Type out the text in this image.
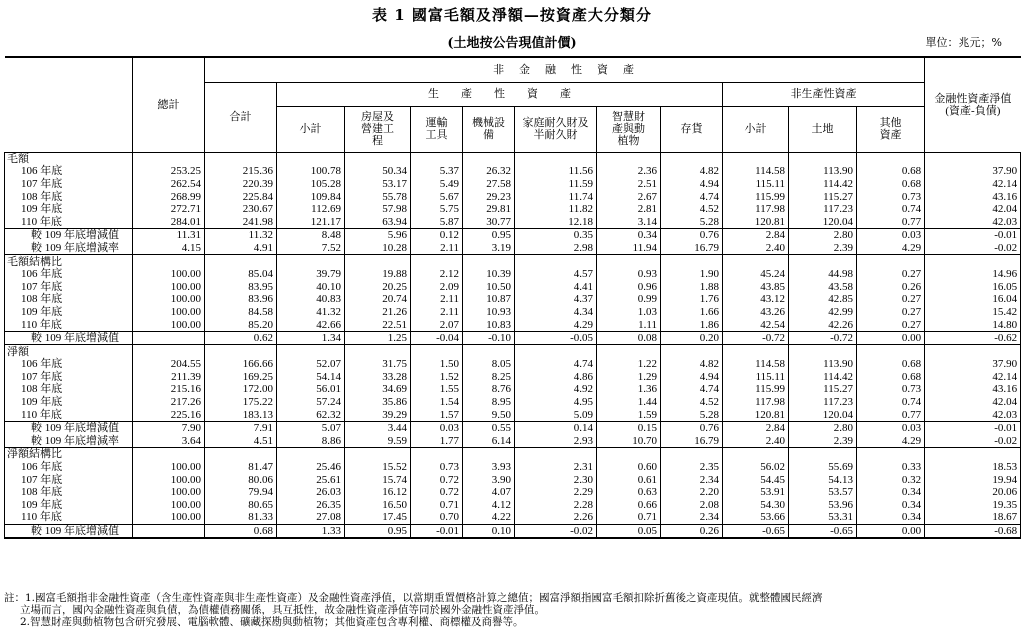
表 1 國富毛額及淨額—按資產大分類分
(土地按公告現值計價)	單位：兆元；%
	總計	非　金　融　性　資　產											金融性資產淨值(資產-負債)
		合計	生　　產　　性　　資　　產							非生產性資產			
			小計	房屋及營建工程	運輸工具	機械設備	家庭耐久財及半耐久財	智慧財產與動植物	存貨	小計	土地	其他資產	
毛額													
106 年底	253.25	215.36	100.78	50.34	5.37	26.32	11.56	2.36	4.82	114.58	113.90	0.68	37.90
107 年底	262.54	220.39	105.28	53.17	5.49	27.58	11.59	2.51	4.94	115.11	114.42	0.68	42.14
108 年底	268.99	225.84	109.84	55.78	5.67	29.23	11.74	2.67	4.74	115.99	115.27	0.73	43.16
109 年底	272.71	230.67	112.69	57.98	5.75	29.81	11.82	2.81	4.52	117.98	117.23	0.74	42.04
110 年底	284.01	241.98	121.17	63.94	5.87	30.77	12.18	3.14	5.28	120.81	120.04	0.77	42.03
較 109 年底增減值	11.31	11.32	8.48	5.96	0.12	0.95	0.35	0.34	0.76	2.84	2.80	0.03	-0.01
較 109 年底增減率	4.15	4.91	7.52	10.28	2.11	3.19	2.98	11.94	16.79	2.40	2.39	4.29	-0.02
毛額結構比													
106 年底	100.00	85.04	39.79	19.88	2.12	10.39	4.57	0.93	1.90	45.24	44.98	0.27	14.96
107 年底	100.00	83.95	40.10	20.25	2.09	10.50	4.41	0.96	1.88	43.85	43.58	0.26	16.05
108 年底	100.00	83.96	40.83	20.74	2.11	10.87	4.37	0.99	1.76	43.12	42.85	0.27	16.04
109 年底	100.00	84.58	41.32	21.26	2.11	10.93	4.34	1.03	1.66	43.26	42.99	0.27	15.42
110 年底	100.00	85.20	42.66	22.51	2.07	10.83	4.29	1.11	1.86	42.54	42.26	0.27	14.80
較 109 年底增減值		0.62	1.34	1.25	-0.04	-0.10	-0.05	0.08	0.20	-0.72	-0.72	0.00	-0.62
淨額													
106 年底	204.55	166.66	52.07	31.75	1.50	8.05	4.74	1.22	4.82	114.58	113.90	0.68	37.90
107 年底	211.39	169.25	54.14	33.28	1.52	8.25	4.86	1.29	4.94	115.11	114.42	0.68	42.14
108 年底	215.16	172.00	56.01	34.69	1.55	8.76	4.92	1.36	4.74	115.99	115.27	0.73	43.16
109 年底	217.26	175.22	57.24	35.86	1.54	8.95	4.95	1.44	4.52	117.98	117.23	0.74	42.04
110 年底	225.16	183.13	62.32	39.29	1.57	9.50	5.09	1.59	5.28	120.81	120.04	0.77	42.03
較 109 年底增減值	7.90	7.91	5.07	3.44	0.03	0.55	0.14	0.15	0.76	2.84	2.80	0.03	-0.01
較 109 年底增減率	3.64	4.51	8.86	9.59	1.77	6.14	2.93	10.70	16.79	2.40	2.39	4.29	-0.02
淨額結構比													
106 年底	100.00	81.47	25.46	15.52	0.73	3.93	2.31	0.60	2.35	56.02	55.69	0.33	18.53
107 年底	100.00	80.06	25.61	15.74	0.72	3.90	2.30	0.61	2.34	54.45	54.13	0.32	19.94
108 年底	100.00	79.94	26.03	16.12	0.72	4.07	2.29	0.63	2.20	53.91	53.57	0.34	20.06
109 年底	100.00	80.65	26.35	16.50	0.71	4.12	2.28	0.66	2.08	54.30	53.96	0.34	19.35
110 年底	100.00	81.33	27.08	17.45	0.70	4.22	2.26	0.71	2.34	53.66	53.31	0.34	18.67
較 109 年底增減值		0.68	1.33	0.95	-0.01	0.10	-0.02	0.05	0.26	-0.65	-0.65	0.00	-0.68
註：1.國富毛額指非金融性資產（含生產性資產與非生產性資產）及金融性資產淨值，以當期重置價格計算之總值；國富淨額指國富毛額扣除折舊後之資產現值。就整體國民經濟
立場而言，國內金融性資產與負債，為債權債務關係，具互抵性，故金融性資產淨值等同於國外金融性資產淨值。
2.智慧財產與動植物包含研究發展、電腦軟體、礦藏探勘與動植物；其他資產包含專利權、商標權及商譽等。
